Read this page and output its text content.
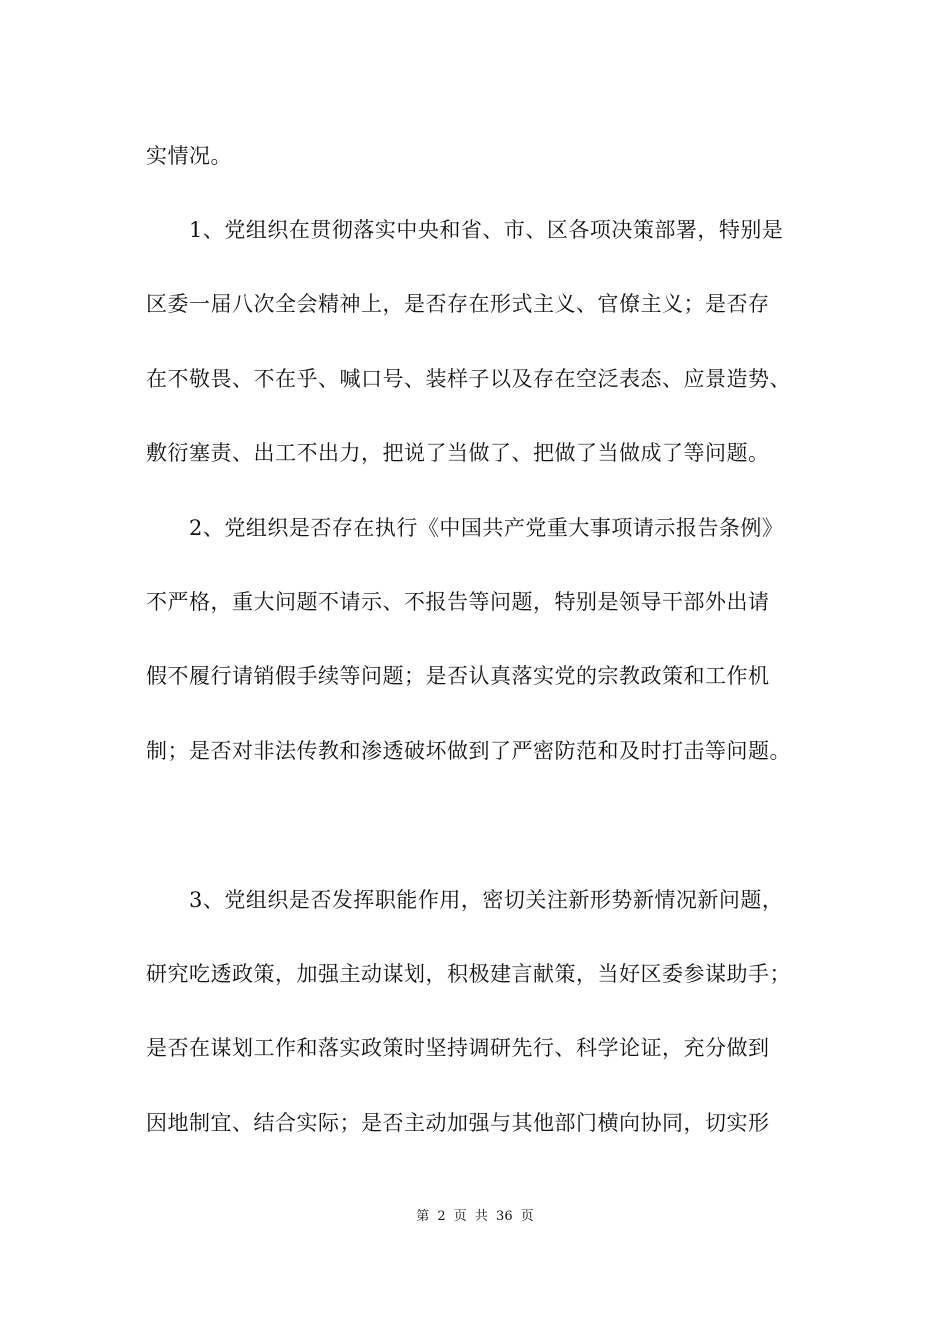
实情况。
1、党组织在贯彻落实中央和省、市、区各项决策部署，特别是
区委一届八次全会精神上，是否存在形式主义、官僚主义；是否存
在不敬畏、不在乎、喊口号、装样子以及存在空泛表态、应景造势、
敷衍塞责、出工不出力，把说了当做了、把做了当做成了等问题。
2、党组织是否存在执行《中国共产党重大事项请示报告条例》
不严格，重大问题不请示、不报告等问题，特别是领导干部外出请
假不履行请销假手续等问题；是否认真落实党的宗教政策和工作机
制；是否对非法传教和渗透破坏做到了严密防范和及时打击等问题。
3、党组织是否发挥职能作用，密切关注新形势新情况新问题，
研究吃透政策，加强主动谋划，积极建言献策，当好区委参谋助手；
是否在谋划工作和落实政策时坚持调研先行、科学论证，充分做到
因地制宜、结合实际；是否主动加强与其他部门横向协同，切实形
第 2 页 共 36 页
